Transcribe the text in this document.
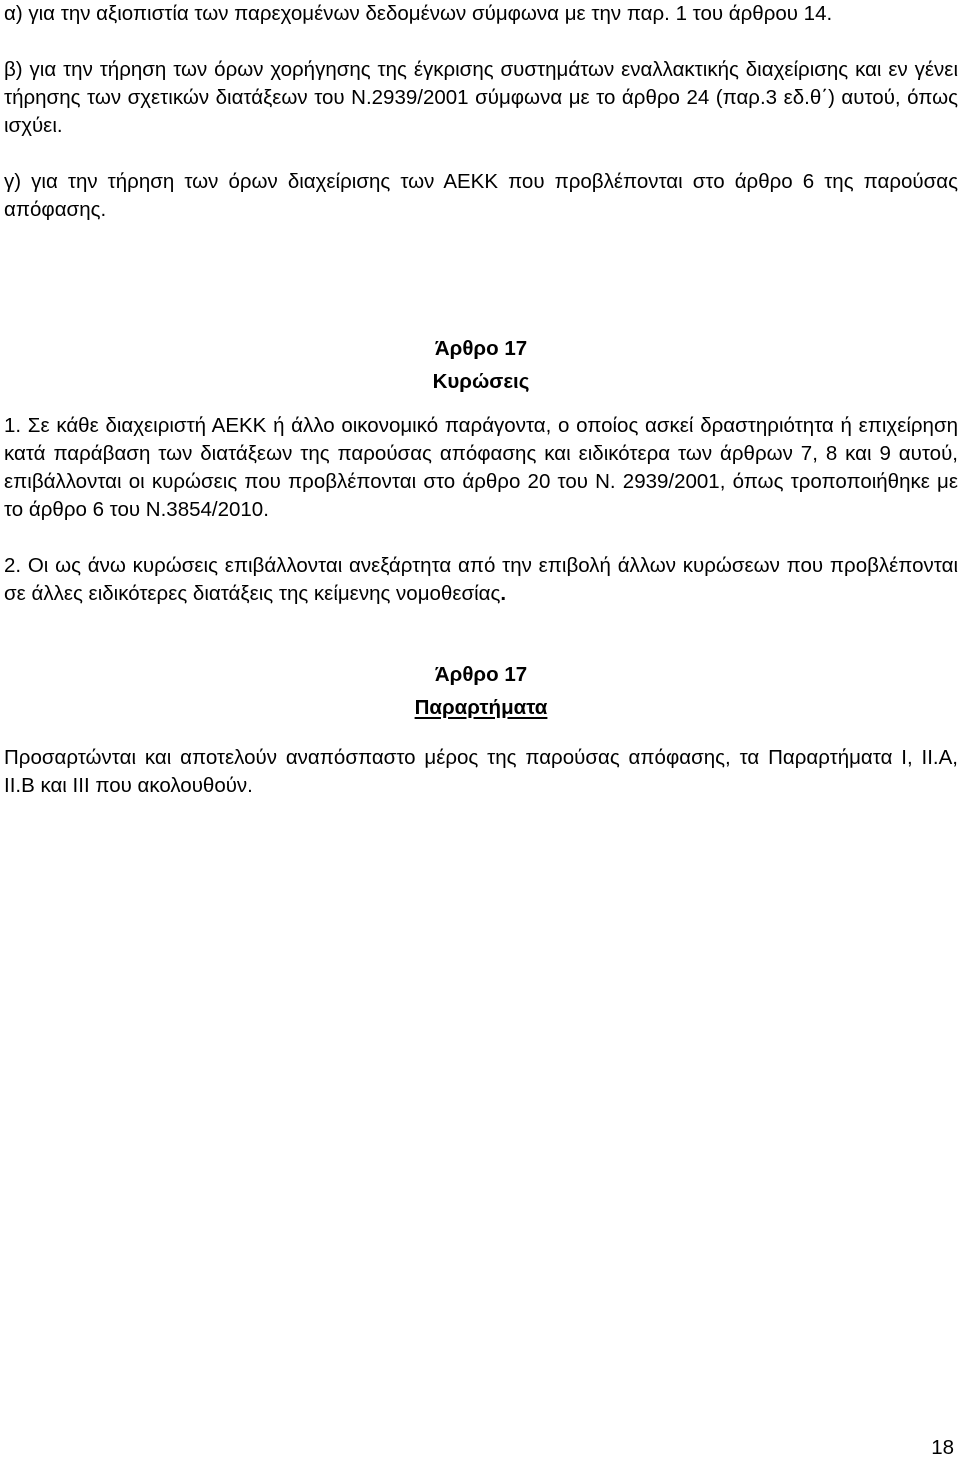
α) για την αξιοπιστία των παρεχομένων δεδομένων σύμφωνα με την παρ. 1 του άρθρου 14.

β) για την τήρηση των όρων χορήγησης της έγκρισης συστημάτων εναλλακτικής διαχείρισης και εν γένει τήρησης των σχετικών διατάξεων του Ν.2939/2001 σύμφωνα με το άρθρο 24 (παρ.3 εδ.θ΄) αυτού, όπως ισχύει.

γ) για την τήρηση των όρων διαχείρισης των ΑΕΚΚ που προβλέπονται στο άρθρο 6 της παρούσας απόφασης.

Άρθρο 17
Κυρώσεις

1. Σε κάθε διαχειριστή ΑΕΚΚ ή άλλο οικονομικό παράγοντα, ο οποίος ασκεί δραστηριότητα ή επιχείρηση κατά παράβαση των διατάξεων της παρούσας απόφασης και ειδικότερα των άρθρων 7, 8 και 9 αυτού, επιβάλλονται οι κυρώσεις που προβλέπονται στο άρθρο 20 του Ν. 2939/2001, όπως τροποποιήθηκε με το άρθρο 6 του Ν.3854/2010.

2. Οι ως άνω κυρώσεις επιβάλλονται ανεξάρτητα από την επιβολή άλλων κυρώσεων που προβλέπονται σε άλλες ειδικότερες διατάξεις της κείμενης νομοθεσίας.

Άρθρο 17
Παραρτήματα

Προσαρτώνται και αποτελούν αναπόσπαστο μέρος της παρούσας απόφασης, τα Παραρτήματα Ι, ΙΙ.Α, ΙΙ.Β και ΙΙΙ που ακολουθούν.

18
